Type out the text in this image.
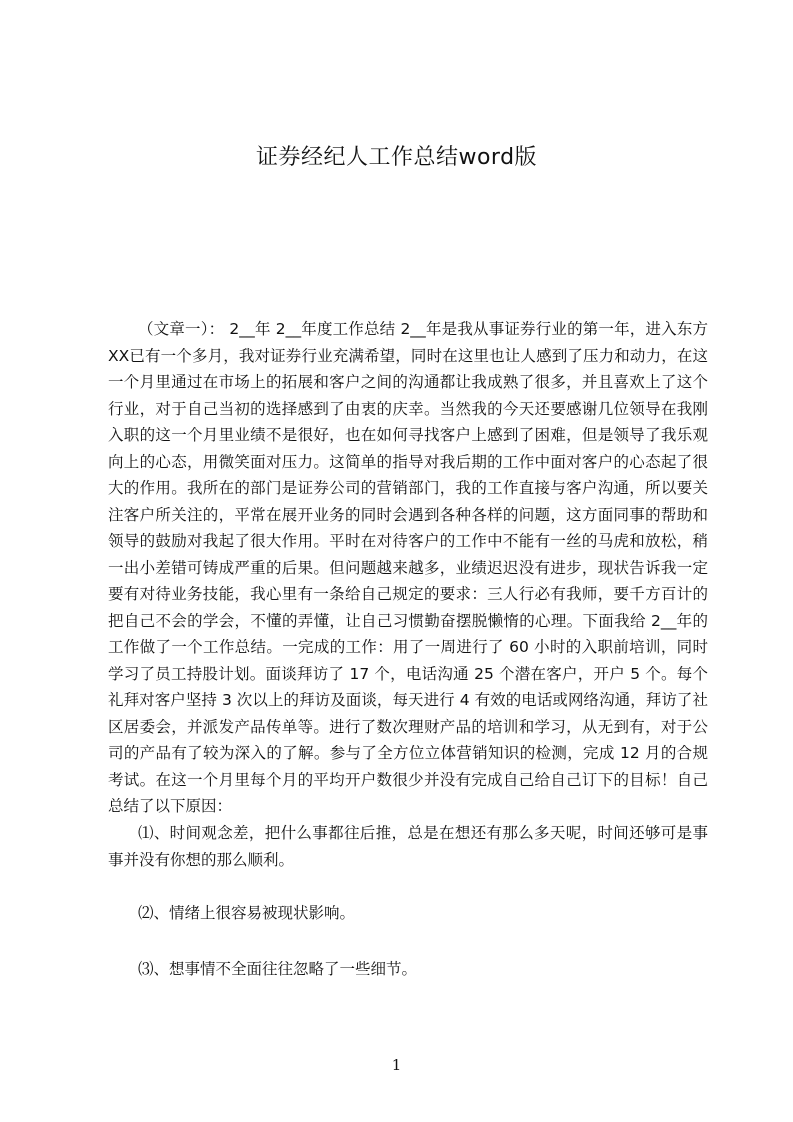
证券经纪人工作总结word版

（文章一）： 2__年 2__年度工作总结 2__年是我从事证券行业的第一年，进入东方XX已有一个多月，我对证券行业充满希望，同时在这里也让人感到了压力和动力，在这一个月里通过在市场上的拓展和客户之间的沟通都让我成熟了很多，并且喜欢上了这个行业，对于自己当初的选择感到了由衷的庆幸。当然我的今天还要感谢几位领导在我刚入职的这一个月里业绩不是很好，也在如何寻找客户上感到了困难，但是领导了我乐观向上的心态，用微笑面对压力。这简单的指导对我后期的工作中面对客户的心态起了很大的作用。我所在的部门是证券公司的营销部门，我的工作直接与客户沟通，所以要关注客户所关注的，平常在展开业务的同时会遇到各种各样的问题，这方面同事的帮助和领导的鼓励对我起了很大作用。平时在对待客户的工作中不能有一丝的马虎和放松，稍一出小差错可铸成严重的后果。但问题越来越多，业绩迟迟没有进步，现状告诉我一定要有对待业务技能，我心里有一条给自己规定的要求：三人行必有我师，要千方百计的把自己不会的学会，不懂的弄懂，让自己习惯勤奋摆脱懒惰的心理。下面我给 2__年的工作做了一个工作总结。一完成的工作：用了一周进行了 60 小时的入职前培训，同时学习了员工持股计划。面谈拜访了 17 个，电话沟通 25 个潜在客户，开户 5 个。每个礼拜对客户坚持 3 次以上的拜访及面谈，每天进行 4 有效的电话或网络沟通，拜访了社区居委会，并派发产品传单等。进行了数次理财产品的培训和学习，从无到有，对于公司的产品有了较为深入的了解。参与了全方位立体营销知识的检测，完成 12 月的合规考试。在这一个月里每个月的平均开户数很少并没有完成自己给自己订下的目标！自己总结了以下原因：

⑴、时间观念差，把什么事都往后推，总是在想还有那么多天呢，时间还够可是事事并没有你想的那么顺利。

⑵、情绪上很容易被现状影响。

⑶、想事情不全面往往忽略了一些细节。

1
